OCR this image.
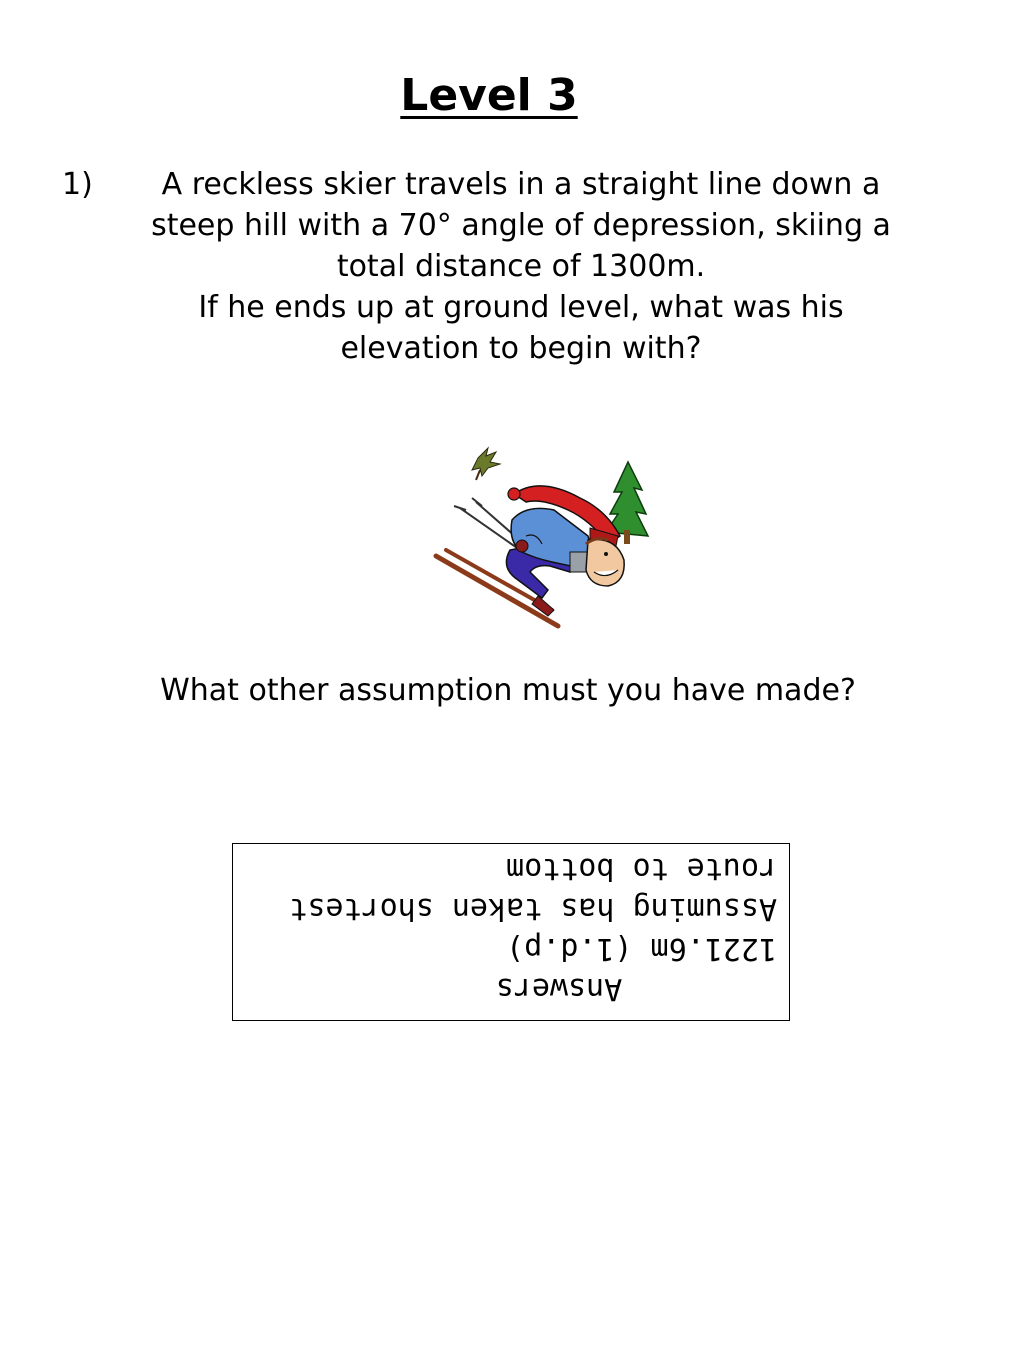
Level 3
1)	A reckless skier travels in a straight line down a
steep hill with a 70° angle of depression, skiing a
total distance of 1300m.
If he ends up at ground level, what was his
elevation to begin with?
What other assumption must you have made?
Answers
1221.6m (1.d.p)
Assuming has taken shortest
route to bottom
